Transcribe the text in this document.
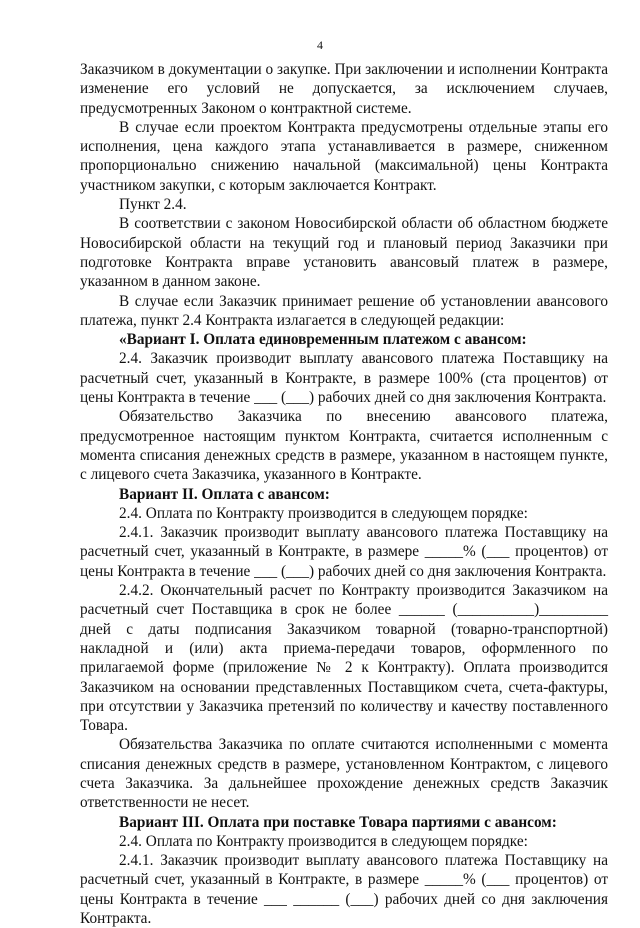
4

Заказчиком в документации о закупке. При заключении и исполнении Контракта изменение его условий не допускается, за исключением случаев, предусмотренных Законом о контрактной системе.

В случае если проектом Контракта предусмотрены отдельные этапы его исполнения, цена каждого этапа устанавливается в размере, сниженном пропорционально снижению начальной (максимальной) цены Контракта участником закупки, с которым заключается Контракт.

Пункт 2.4.

В соответствии с законом Новосибирской области об областном бюджете Новосибирской области на текущий год и плановый период Заказчики при подготовке Контракта вправе установить авансовый платеж в размере, указанном в данном законе.

В случае если Заказчик принимает решение об установлении авансового платежа, пункт 2.4 Контракта излагается в следующей редакции:

«Вариант I. Оплата единовременным платежом с авансом:

2.4. Заказчик производит выплату авансового платежа Поставщику на расчетный счет, указанный в Контракте, в размере 100% (ста процентов) от цены Контракта в течение ___ (___) рабочих дней со дня заключения Контракта.

Обязательство Заказчика по внесению авансового платежа, предусмотренное настоящим пунктом Контракта, считается исполненным с момента списания денежных средств в размере, указанном в настоящем пункте, с лицевого счета Заказчика, указанного в Контракте.

Вариант II. Оплата с авансом:

2.4. Оплата по Контракту производится в следующем порядке:

2.4.1. Заказчик производит выплату авансового платежа Поставщику на расчетный счет, указанный в Контракте, в размере _____% (___ процентов) от цены Контракта в течение ___ (___) рабочих дней со дня заключения Контракта.

2.4.2. Окончательный расчет по Контракту производится Заказчиком на расчетный счет Поставщика в срок не более ______ (__________)_________ дней с даты подписания Заказчиком товарной (товарно-транспортной) накладной и (или) акта приема-передачи товаров, оформленного по прилагаемой форме (приложение № 2 к Контракту). Оплата производится Заказчиком на основании представленных Поставщиком счета, счета-фактуры, при отсутствии у Заказчика претензий по количеству и качеству поставленного Товара.

Обязательства Заказчика по оплате считаются исполненными с момента списания денежных средств в размере, установленном Контрактом, с лицевого счета Заказчика. За дальнейшее прохождение денежных средств Заказчик ответственности не несет.

Вариант III. Оплата при поставке Товара партиями с авансом:

2.4. Оплата по Контракту производится в следующем порядке:

2.4.1. Заказчик производит выплату авансового платежа Поставщику на расчетный счет, указанный в Контракте, в размере _____% (___ процентов) от цены Контракта в течение ___ ______ (___) рабочих дней со дня заключения Контракта.
